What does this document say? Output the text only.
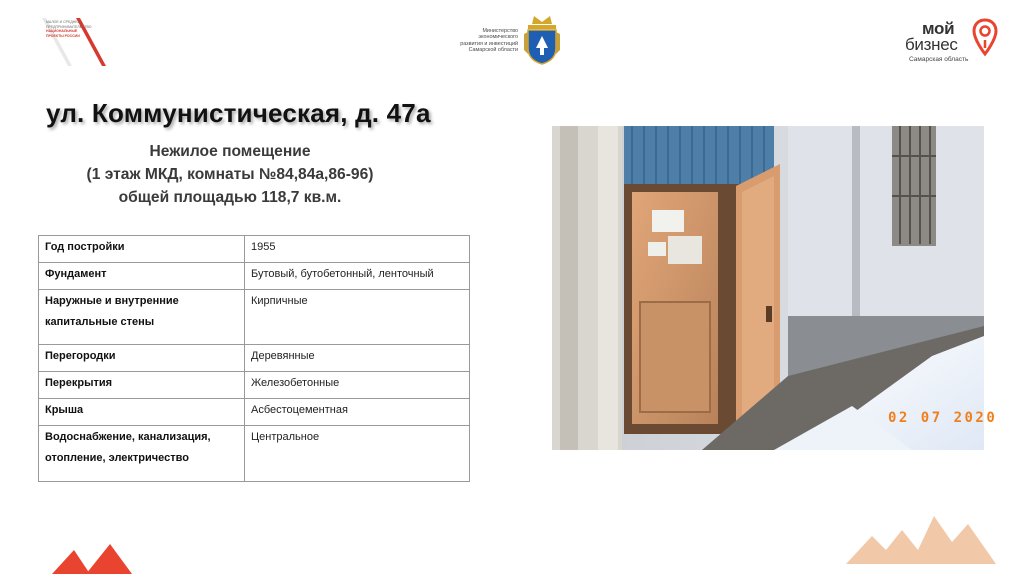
МАЛОЕ И СРЕДНЕЕ ПРЕДПРИНИМАТЕЛЬСТВО
НАЦИОНАЛЬНЫЕ ПРОЕКТЫ РОССИИ
Министерство
экономического
развития и инвестиций
Самарской области
мой
бизнес
Самарская область
ул. Коммунистическая, д. 47а
Нежилое помещение
(1 этаж МКД, комнаты №84,84а,86-96)
общей площадью 118,7 кв.м.
Год постройки	1955
Фундамент	Бутовый, бутобетонный, ленточный
Наружные и внутренние капитальные стены	Кирпичные
Перегородки	Деревянные
Перекрытия	Железобетонные
Крыша	Асбестоцементная
Водоснабжение, канализация, отопление, электричество	Центральное
02 07 2020
